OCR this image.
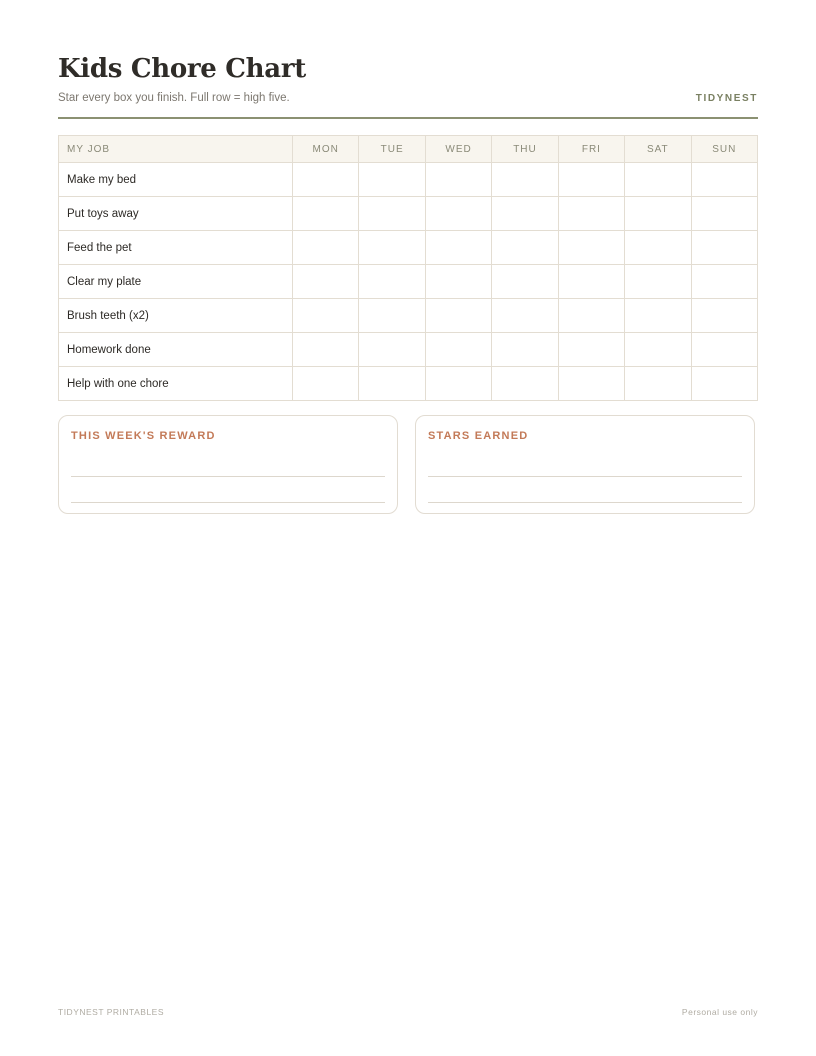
Kids Chore Chart
Star every box you finish. Full row = high five.	TIDYNEST
MY JOB	MON	TUE	WED	THU	FRI	SAT	SUN
Make my bed							
Put toys away							
Feed the pet							
Clear my plate							
Brush teeth (x2)							
Homework done							
Help with one chore							
THIS WEEK'S REWARD	STARS EARNED
TIDYNEST PRINTABLES	Personal use only
